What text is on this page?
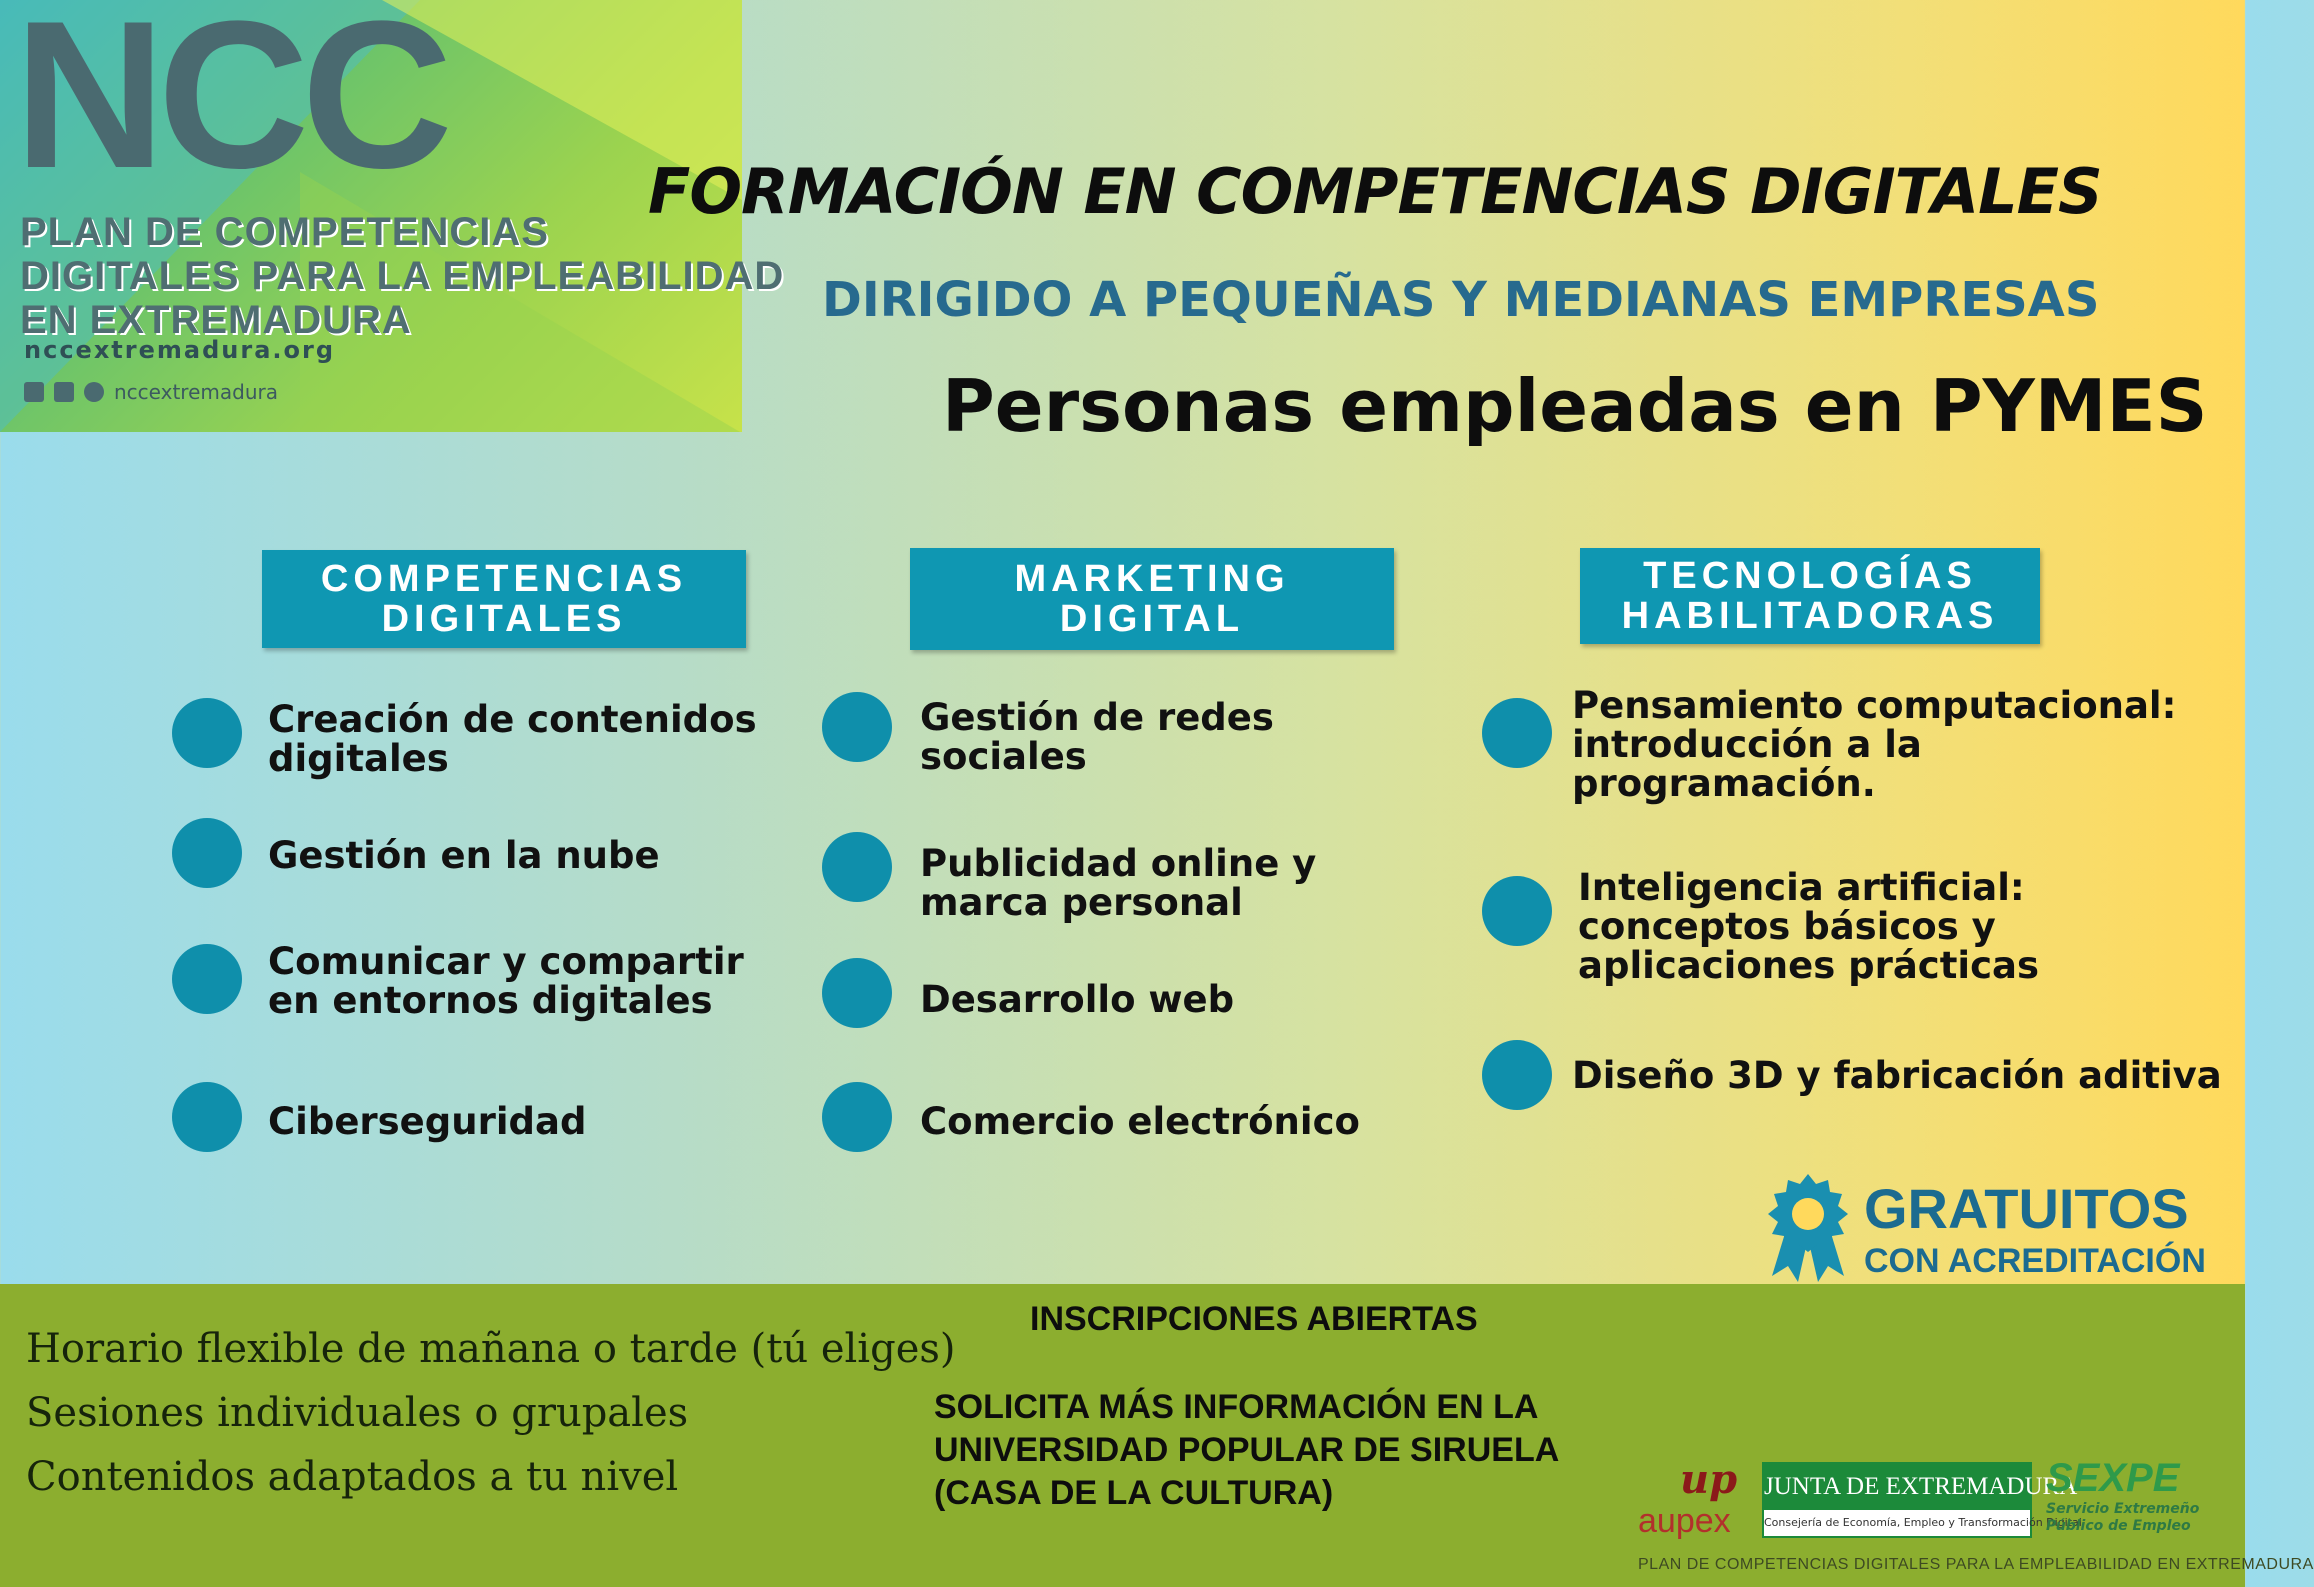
NCC
PLAN DE COMPETENCIAS
DIGITALES PARA LA EMPLEABILIDAD
EN EXTREMADURA
nccextremadura.org
nccextremadura
FORMACIÓN EN COMPETENCIAS DIGITALES
DIRIGIDO A PEQUEÑAS Y MEDIANAS EMPRESAS
Personas empleadas en PYMES
COMPETENCIAS
DIGITALES
MARKETING
DIGITAL
TECNOLOGÍAS
HABILITADORAS
Creación de contenidos
digitales
Gestión en la nube
Comunicar y compartir
en entornos digitales
Ciberseguridad
Gestión de redes
sociales
Publicidad online y
marca personal
Desarrollo web
Comercio electrónico
Pensamiento computacional:
introducción a la
programación.
Inteligencia artificial:
conceptos básicos y
aplicaciones prácticas
Diseño 3D y fabricación aditiva
GRATUITOS
CON ACREDITACIÓN
Horario flexible de mañana o tarde (tú eliges)
Sesiones individuales o grupales
Contenidos adaptados a tu nivel
INSCRIPCIONES ABIERTAS
SOLICITA MÁS INFORMACIÓN EN LA
UNIVERSIDAD POPULAR DE SIRUELA
(CASA DE LA CULTURA)	up
aupex
JUNTA DE EXTREMADURA
Consejería de Economía, Empleo y Transformación Digital
SEXPE
Servicio Extremeño
Público de Empleo
PLAN DE COMPETENCIAS DIGITALES PARA LA EMPLEABILIDAD EN EXTREMADURA
